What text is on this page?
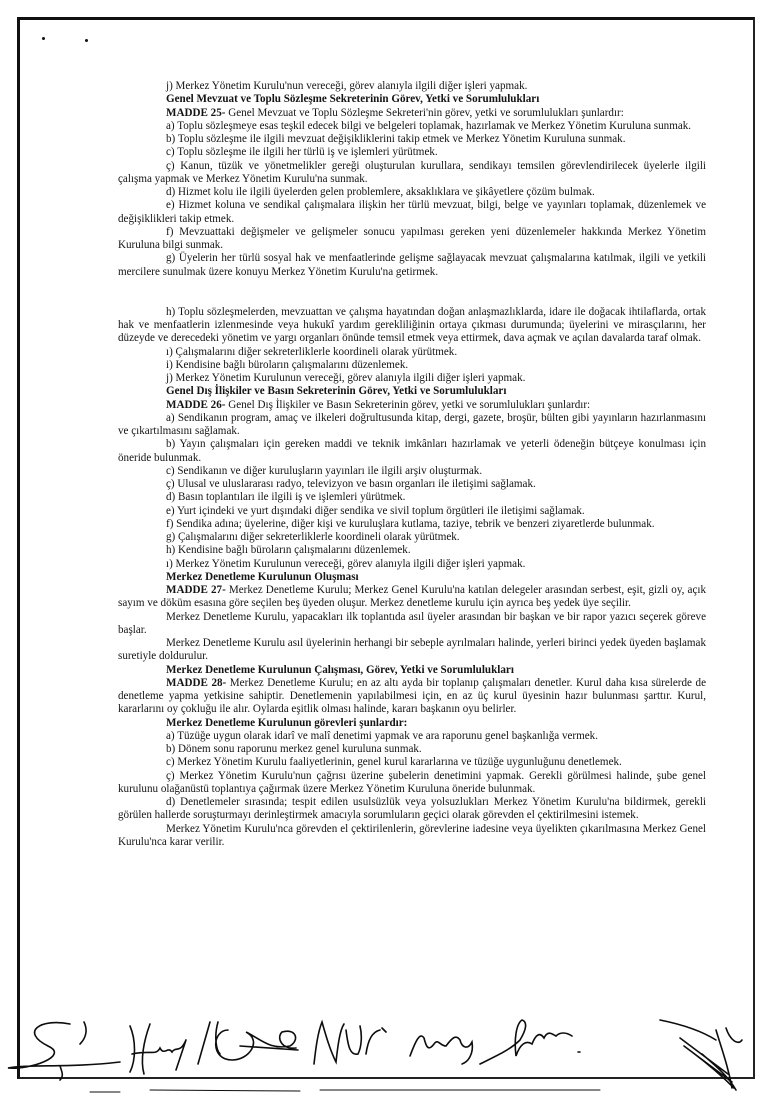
j) Merkez Yönetim Kurulu'nun vereceği, görev alanıyla ilgili diğer işleri yapmak.

Genel Mevzuat ve Toplu Sözleşme Sekreterinin Görev, Yetki ve Sorumlulukları

MADDE 25- Genel Mevzuat ve Toplu Sözleşme Sekreteri'nin görev, yetki ve sorumlulukları şunlardır:

a) Toplu sözleşmeye esas teşkil edecek bilgi ve belgeleri toplamak, hazırlamak ve Merkez Yönetim Kuruluna sunmak.

b) Toplu sözleşme ile ilgili mevzuat değişikliklerini takip etmek ve Merkez Yönetim Kuruluna sunmak.

c) Toplu sözleşme ile ilgili her türlü iş ve işlemleri yürütmek.

ç) Kanun, tüzük ve yönetmelikler gereği oluşturulan kurullara, sendikayı temsilen görevlendirilecek üyelerle ilgili çalışma yapmak ve Merkez Yönetim Kurulu'na sunmak.

d) Hizmet kolu ile ilgili üyelerden gelen problemlere, aksaklıklara ve şikâyetlere çözüm bulmak.

e) Hizmet koluna ve sendikal çalışmalara ilişkin her türlü mevzuat, bilgi, belge ve yayınları toplamak, düzenlemek ve değişiklikleri takip etmek.

f) Mevzuattaki değişmeler ve gelişmeler sonucu yapılması gereken yeni düzenlemeler hakkında Merkez Yönetim Kuruluna bilgi sunmak.

g) Üyelerin her türlü sosyal hak ve menfaatlerinde gelişme sağlayacak mevzuat çalışmalarına katılmak, ilgili ve yetkili mercilere sunulmak üzere konuyu Merkez Yönetim Kurulu'na getirmek.

h) Toplu sözleşmelerden, mevzuattan ve çalışma hayatından doğan anlaşmazlıklarda, idare ile doğacak ihtilaflarda, ortak hak ve menfaatlerin izlenmesinde veya hukukî yardım gerekliliğinin ortaya çıkması durumunda; üyelerini ve mirasçılarını, her düzeyde ve derecedeki yönetim ve yargı organları önünde temsil etmek veya ettirmek, dava açmak ve açılan davalarda taraf olmak.

ı) Çalışmalarını diğer sekreterliklerle koordineli olarak yürütmek.

i) Kendisine bağlı büroların çalışmalarını düzenlemek.

j) Merkez Yönetim Kurulunun vereceği, görev alanıyla ilgili diğer işleri yapmak.

Genel Dış İlişkiler ve Basın Sekreterinin Görev, Yetki ve Sorumlulukları

MADDE 26- Genel Dış İlişkiler ve Basın Sekreterinin görev, yetki ve sorumlulukları şunlardır:

a) Sendikanın program, amaç ve ilkeleri doğrultusunda kitap, dergi, gazete, broşür, bülten gibi yayınların hazırlanmasını ve çıkartılmasını sağlamak.

b) Yayın çalışmaları için gereken maddi ve teknik imkânları hazırlamak ve yeterli ödeneğin bütçeye konulması için öneride bulunmak.

c) Sendikanın ve diğer kuruluşların yayınları ile ilgili arşiv oluşturmak.

ç) Ulusal ve uluslararası radyo, televizyon ve basın organları ile iletişimi sağlamak.

d) Basın toplantıları ile ilgili iş ve işlemleri yürütmek.

e) Yurt içindeki ve yurt dışındaki diğer sendika ve sivil toplum örgütleri ile iletişimi sağlamak.

f) Sendika adına; üyelerine, diğer kişi ve kuruluşlara kutlama, taziye, tebrik ve benzeri ziyaretlerde bulunmak.

g) Çalışmalarını diğer sekreterliklerle koordineli olarak yürütmek.

h) Kendisine bağlı büroların çalışmalarını düzenlemek.

ı) Merkez Yönetim Kurulunun vereceği, görev alanıyla ilgili diğer işleri yapmak.

Merkez Denetleme Kurulunun Oluşması

MADDE 27- Merkez Denetleme Kurulu; Merkez Genel Kurulu'na katılan delegeler arasından serbest, eşit, gizli oy, açık sayım ve döküm esasına göre seçilen beş üyeden oluşur. Merkez denetleme kurulu için ayrıca beş yedek üye seçilir.

Merkez Denetleme Kurulu, yapacakları ilk toplantıda asıl üyeler arasından bir başkan ve bir rapor yazıcı seçerek göreve başlar.

Merkez Denetleme Kurulu asıl üyelerinin herhangi bir sebeple ayrılmaları halinde, yerleri birinci yedek üyeden başlamak suretiyle doldurulur.

Merkez Denetleme Kurulunun Çalışması, Görev, Yetki ve Sorumlulukları

MADDE 28- Merkez Denetleme Kurulu; en az altı ayda bir toplanıp çalışmaları denetler. Kurul daha kısa sürelerde de denetleme yapma yetkisine sahiptir. Denetlemenin yapılabilmesi için, en az üç kurul üyesinin hazır bulunması şarttır. Kurul, kararlarını oy çokluğu ile alır. Oylarda eşitlik olması halinde, kararı başkanın oyu belirler.

Merkez Denetleme Kurulunun görevleri şunlardır:

a) Tüzüğe uygun olarak idarî ve malî denetimi yapmak ve ara raporunu genel başkanlığa vermek.

b) Dönem sonu raporunu merkez genel kuruluna sunmak.

c) Merkez Yönetim Kurulu faaliyetlerinin, genel kurul kararlarına ve tüzüğe uygunluğunu denetlemek.

ç) Merkez Yönetim Kurulu'nun çağrısı üzerine şubelerin denetimini yapmak. Gerekli görülmesi halinde, şube genel kurulunu olağanüstü toplantıya çağırmak üzere Merkez Yönetim Kuruluna öneride bulunmak.

d) Denetlemeler sırasında; tespit edilen usulsüzlük veya yolsuzlukları Merkez Yönetim Kurulu'na bildirmek, gerekli görülen hallerde soruşturmayı derinleştirmek amacıyla sorumluların geçici olarak görevden el çektirilmesini istemek.

Merkez Yönetim Kurulu'nca görevden el çektirilenlerin, görevlerine iadesine veya üyelikten çıkarılmasına Merkez Genel Kurulu'nca karar verilir.
